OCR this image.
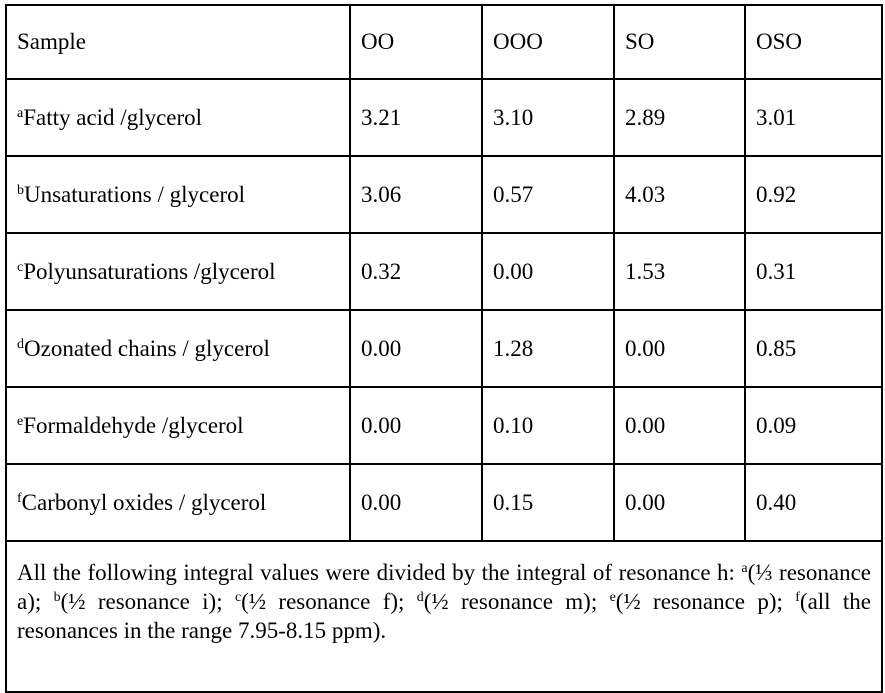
Sample	OO	OOO	SO	OSO
$^a$Fatty acid /glycerol	3.21	3.10	2.89	3.01
$^b$Unsaturations / glycerol	3.06	0.57	4.03	0.92
$^c$Polyunsaturations /glycerol	0.32	0.00	1.53	0.31
$^d$Ozonated chains / glycerol	0.00	1.28	0.00	0.85
$^e$Formaldehyde /glycerol	0.00	0.10	0.00	0.09
$^f$Carbonyl oxides / glycerol	0.00	0.15	0.00	0.40
All the following integral values were divided by the integral of resonance h: $^a$(⅓ resonance a); $^b$(½ resonance i); $^c$(½ resonance f); $^d$(½ resonance m); $^e$(½ resonance p); $^f$(all the resonances in the range 7.95-8.15 ppm).				
